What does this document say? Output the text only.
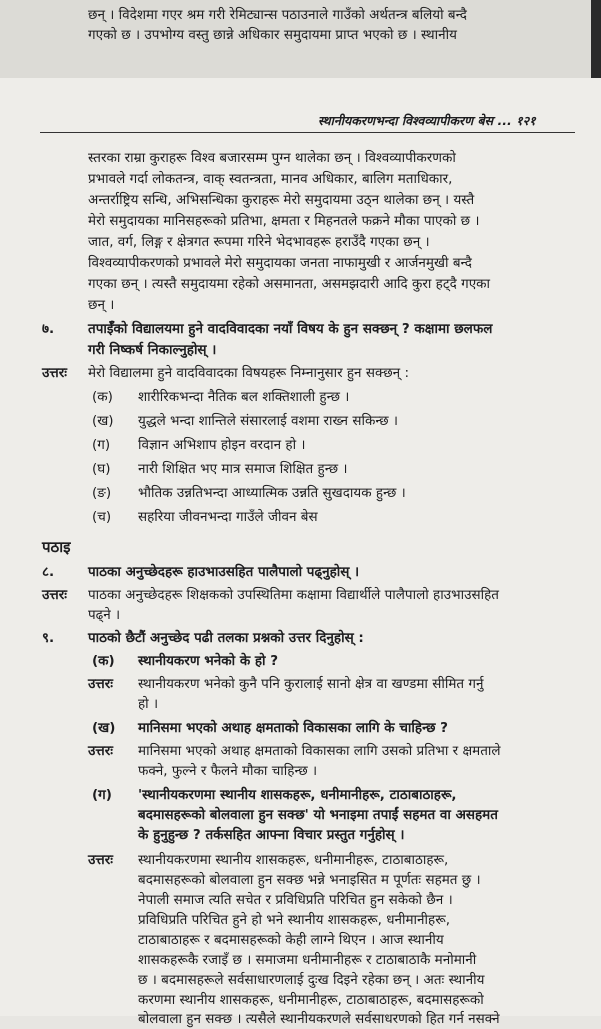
छन् । विदेशमा गएर श्रम गरी रेमिट्यान्स पठाउनाले गाउँको अर्थतन्त्र बलियो बन्दै
गएको छ । उपभोग्य वस्तु छान्ने अधिकार समुदायमा प्राप्त भएको छ । स्थानीय
स्थानीयकरणभन्दा विश्वव्यापीकरण बेस ... १२१
स्तरका राम्रा कुराहरू विश्व बजारसम्म पुग्न थालेका छन् । विश्वव्यापीकरणको
प्रभावले गर्दा लोकतन्त्र, वाक् स्वतन्त्रता, मानव अधिकार, बालिग मताधिकार,
अन्तर्राष्ट्रिय सन्धि, अभिसन्धिका कुराहरू मेरो समुदायमा उठ्न थालेका छन् । यस्तै
मेरो समुदायका मानिसहरूको प्रतिभा, क्षमता र मिहनतले फक्रने मौका पाएको छ ।
जात, वर्ग, लिङ्ग र क्षेत्रगत रूपमा गरिने भेदभावहरू हराउँदै गएका छन् ।
विश्वव्यापीकरणको प्रभावले मेरो समुदायका जनता नाफामुखी र आर्जनमुखी बन्दै
गएका छन् । त्यस्तै समुदायमा रहेको असमानता, असमझदारी आदि कुरा हट्दै गएका
छन् ।
७.	तपाईँको विद्यालयमा हुने वादविवादका नयाँ विषय के हुन सक्छन् ? कक्षामा छलफल
गरी निष्कर्ष निकाल्नुहोस् ।
उत्तरः मेरो विद्यालमा हुने वादविवादका विषयहरू निम्नानुसार हुन सक्छन् :
(क) शारीरिकभन्दा नैतिक बल शक्तिशाली हुन्छ ।
(ख) युद्धले भन्दा शान्तिले संसारलाई वशमा राख्न सकिन्छ ।
(ग) विज्ञान अभिशाप होइन वरदान हो ।
(घ) नारी शिक्षित भए मात्र समाज शिक्षित हुन्छ ।
(ङ) भौतिक उन्नतिभन्दा आध्यात्मिक उन्नति सुखदायक हुन्छ ।
(च) सहरिया जीवनभन्दा गाउँले जीवन बेस
पठाइ
८.	पाठका अनुच्छेदहरू हाउभाउसहित पालैपालो पढ्नुहोस् ।
उत्तरः पाठका अनुच्छेदहरू शिक्षकको उपस्थितिमा कक्षामा विद्यार्थीले पालैपालो हाउभाउसहित
पढ्ने ।
९.	पाठको छैटौं अनुच्छेद पढी तलका प्रश्नको उत्तर दिनुहोस् :
(क) स्थानीयकरण भनेको के हो ?
उत्तरः स्थानीयकरण भनेको कुनै पनि कुरालाई सानो क्षेत्र वा खण्डमा सीमित गर्नु
हो ।
(ख) मानिसमा भएको अथाह क्षमताको विकासका लागि के चाहिन्छ ?
उत्तरः मानिसमा भएको अथाह क्षमताको विकासका लागि उसको प्रतिभा र क्षमताले
फक्ने, फुल्ने र फैलने मौका चाहिन्छ ।
(ग) 'स्थानीयकरणमा स्थानीय शासकहरू, धनीमानीहरू, टाठाबाठाहरू,
बदमासहरूको बोलवाला हुन सक्छ' यो भनाइमा तपाईं सहमत वा असहमत
के हुनुहुन्छ ? तर्कसहित आफ्ना विचार प्रस्तुत गर्नुहोस् ।
उत्तरः स्थानीयकरणमा स्थानीय शासकहरू, धनीमानीहरू, टाठाबाठाहरू,
बदमासहरूको बोलवाला हुन सक्छ भन्ने भनाइसित म पूर्णतः सहमत छु ।
नेपाली समाज त्यति सचेत र प्रविधिप्रति परिचित हुन सकेको छैन ।
प्रविधिप्रति परिचित हुने हो भने स्थानीय शासकहरू, धनीमानीहरू,
टाठाबाठाहरू र बदमासहरूको केही लाग्ने थिएन । आज स्थानीय
शासकहरूकै रजाइँ छ । समाजमा धनीमानीहरू र टाठाबाठाकै मनोमानी
छ । बदमासहरूले सर्वसाधारणलाई दुःख दिइने रहेका छन् । अतः स्थानीय
करणमा स्थानीय शासकहरू, धनीमानीहरू, टाठाबाठाहरू, बदमासहरूको
बोलवाला हुन सक्छ । त्यसैले स्थानीयकरणले सर्वसाधरणको हित गर्न नसक्ने
